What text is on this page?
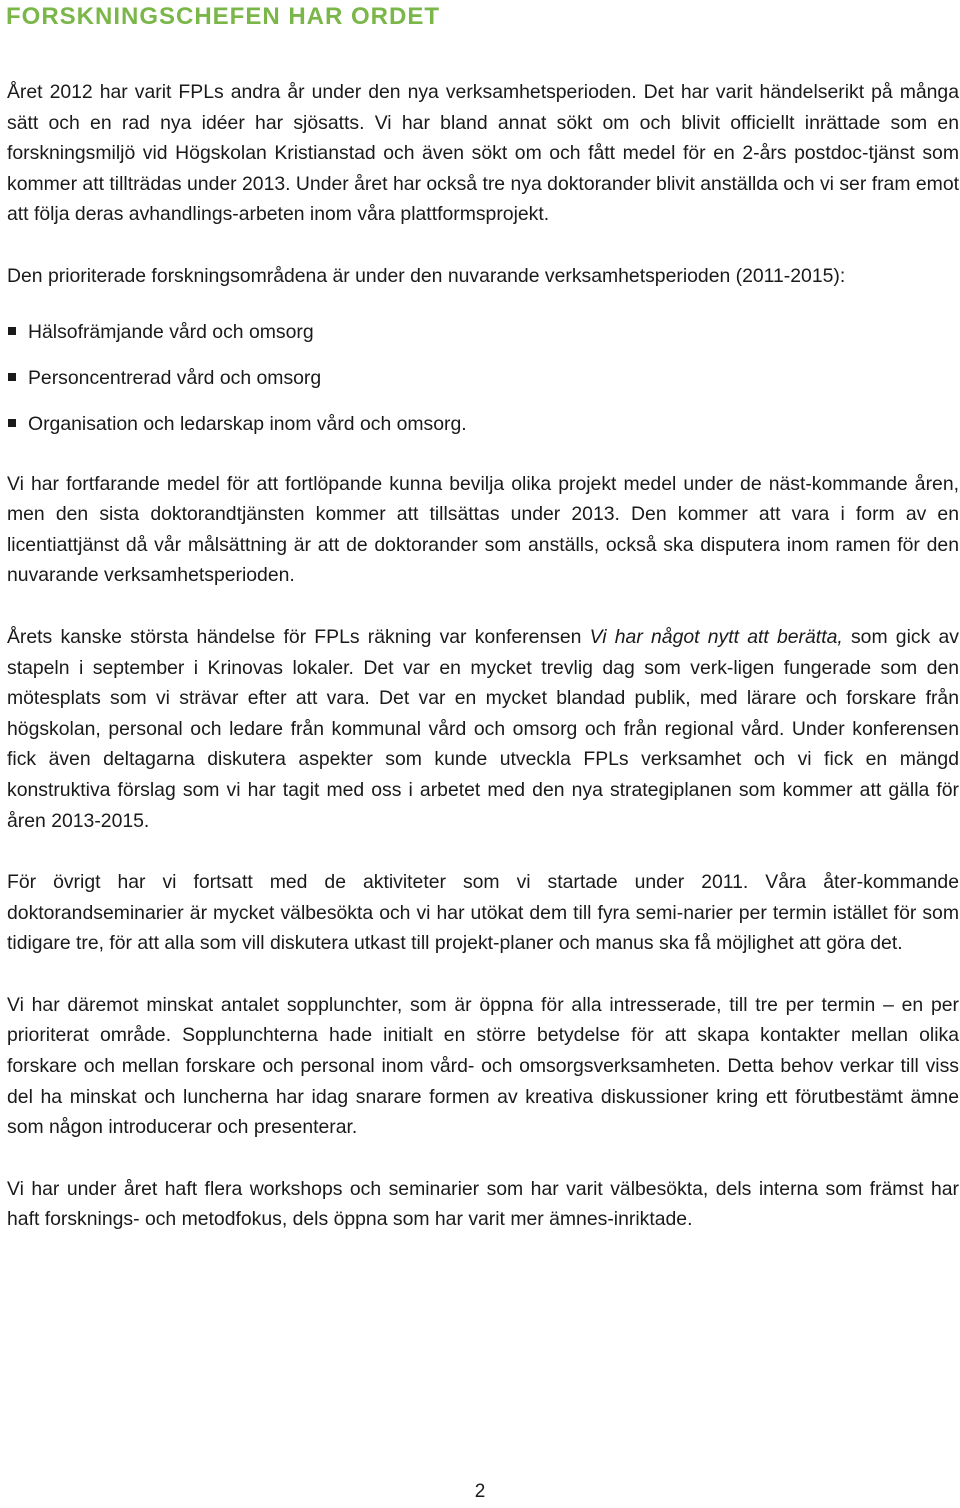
FORSKNINGSCHEFEN HAR ORDET

Året 2012 har varit FPLs andra år under den nya verksamhetsperioden. Det har varit händelserikt på många sätt och en rad nya idéer har sjösatts. Vi har bland annat sökt om och blivit officiellt inrättade som en forskningsmiljö vid Högskolan Kristianstad och även sökt om och fått medel för en 2-års postdoc-tjänst som kommer att tillträdas under 2013. Under året har också tre nya doktorander blivit anställda och vi ser fram emot att följa deras avhandlings-arbeten inom våra plattformsprojekt.

Den prioriterade forskningsområdena är under den nuvarande verksamhetsperioden (2011-2015):

Hälsofrämjande vård och omsorg
Personcentrerad vård och omsorg
Organisation och ledarskap inom vård och omsorg.

Vi har fortfarande medel för att fortlöpande kunna bevilja olika projekt medel under de näst-kommande åren, men den sista doktorandtjänsten kommer att tillsättas under 2013. Den kommer att vara i form av en licentiattjänst då vår målsättning är att de doktorander som anställs, också ska disputera inom ramen för den nuvarande verksamhetsperioden.

Årets kanske största händelse för FPLs räkning var konferensen Vi har något nytt att berätta, som gick av stapeln i september i Krinovas lokaler. Det var en mycket trevlig dag som verk-ligen fungerade som den mötesplats som vi strävar efter att vara. Det var en mycket blandad publik, med lärare och forskare från högskolan, personal och ledare från kommunal vård och omsorg och från regional vård. Under konferensen fick även deltagarna diskutera aspekter som kunde utveckla FPLs verksamhet och vi fick en mängd konstruktiva förslag som vi har tagit med oss i arbetet med den nya strategiplanen som kommer att gälla för åren 2013-2015.

För övrigt har vi fortsatt med de aktiviteter som vi startade under 2011. Våra åter-kommande doktorandseminarier är mycket välbesökta och vi har utökat dem till fyra semi-narier per termin istället för som tidigare tre, för att alla som vill diskutera utkast till projekt-planer och manus ska få möjlighet att göra det.

Vi har däremot minskat antalet sopplunchter, som är öppna för alla intresserade, till tre per termin – en per prioriterat område. Sopplunchterna hade initialt en större betydelse för att skapa kontakter mellan olika forskare och mellan forskare och personal inom vård- och omsorgsverksamheten. Detta behov verkar till viss del ha minskat och luncherna har idag snarare formen av kreativa diskussioner kring ett förutbestämt ämne som någon introducerar och presenterar.

Vi har under året haft flera workshops och seminarier som har varit välbesökta, dels interna som främst har haft forsknings- och metodfokus, dels öppna som har varit mer ämnes-inriktade.

2
